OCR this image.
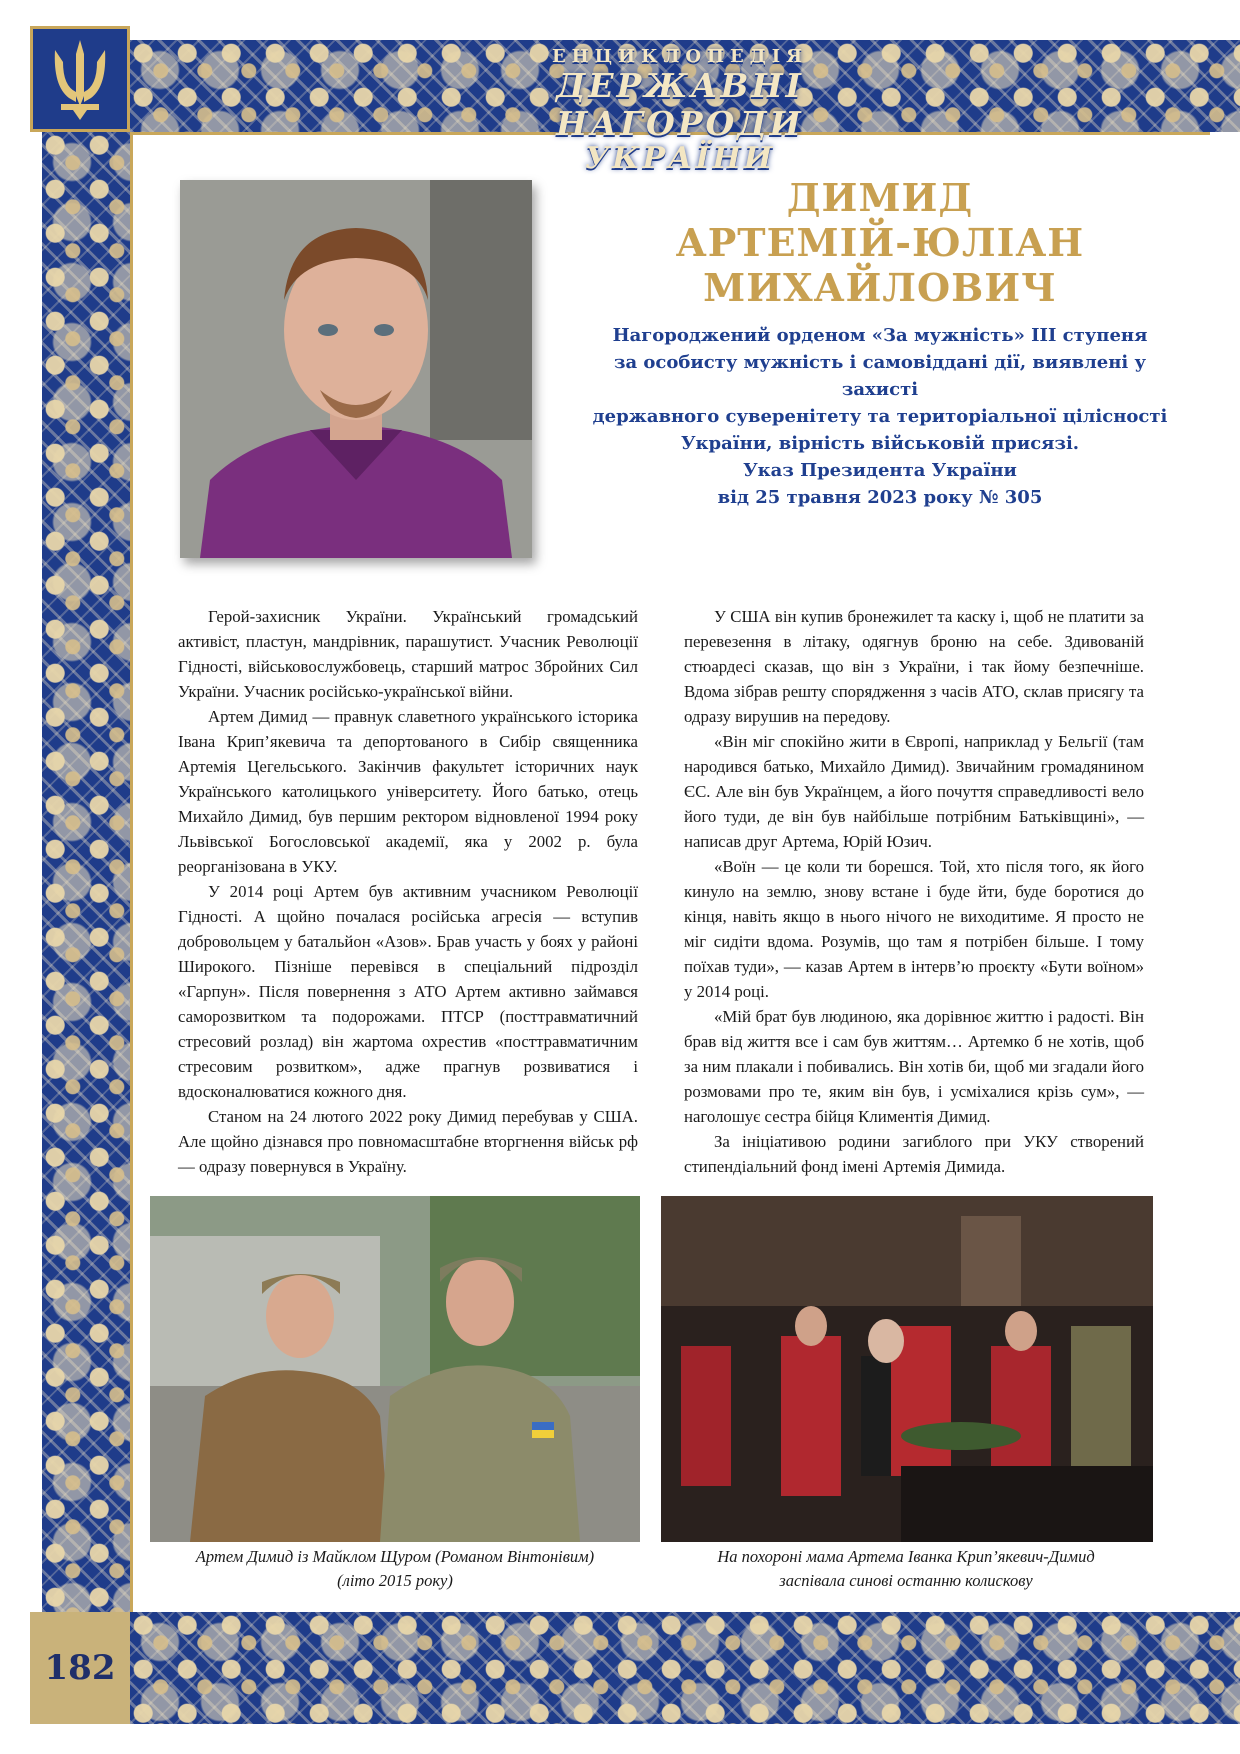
ЕНЦИКЛОПЕДІЯ
ДЕРЖАВНІ НАГОРОДИ
УКРАЇНИ
182
ДИМИД
АРТЕМІЙ-ЮЛІАН
МИХАЙЛОВИЧ
Нагороджений орденом «За мужність» ІІІ ступеня
за особисту мужність і самовіддані дії, виявлені у захисті
державного суверенітету та територіальної цілісності
України, вірність військовій присязі.
Указ Президента України
від 25 травня 2023 року № 305

Герой-захисник України. Український громадський активіст, пластун, мандрівник, парашутист. Учасник Революції Гідності, військовослужбовець, старший матрос Збройних Сил України. Учасник російсько-української війни.

Артем Димид — правнук славетного українського історика Івана Крип’якевича та депортованого в Сибір священника Артемія Цегельського. Закінчив факультет історичних наук Українського католицького університету. Його батько, отець Михайло Димид, був першим ректором відновленої 1994 року Львівської Богословської академії, яка у 2002 р. була реорганізована в УКУ.

У 2014 році Артем був активним учасником Революції Гідності. А щойно почалася російська агресія — вступив добровольцем у батальйон «Азов». Брав участь у боях у районі Широкого. Пізніше перевівся в спеціальний підрозділ «Гарпун». Після повернення з АТО Артем активно займався саморозвитком та подорожами. ПТСР (посттравматичний стресовий розлад) він жартома охрестив «посттравматичним стресовим розвитком», адже прагнув розвиватися і вдосконалюватися кожного дня.

Станом на 24 лютого 2022 року Димид перебував у США. Але щойно дізнався про повномасштабне вторгнення військ рф — одразу повернувся в Україну.

У США він купив бронежилет та каску і, щоб не платити за перевезення в літаку, одягнув броню на себе. Здивованій стюардесі сказав, що він з України, і так йому безпечніше. Вдома зібрав решту спорядження з часів АТО, склав присягу та одразу вирушив на передову.

«Він міг спокійно жити в Європі, наприклад у Бельгії (там народився батько, Михайло Димид). Звичайним громадянином ЄС. Але він був Українцем, а його почуття справедливості вело його туди, де він був найбільше потрібним Батьківщині», — написав друг Артема, Юрій Юзич.

«Воїн — це коли ти борешся. Той, хто після того, як його кинуло на землю, знову встане і буде йти, буде боротися до кінця, навіть якщо в нього нічого не виходитиме. Я просто не міг сидіти вдома. Розумів, що там я потрібен більше. І тому поїхав туди», — казав Артем в інтерв’ю проєкту «Бути воїном» у 2014 році.

«Мій брат був людиною, яка дорівнює життю і радості. Він брав від життя все і сам був життям… Артемко б не хотів, щоб за ним плакали і побивались. Він хотів би, щоб ми згадали його розмовами про те, яким він був, і усміхалися крізь сум», — наголошує сестра бійця Климентія Димид.

За ініціативою родини загиблого при УКУ створений стипендіальний фонд імені Артемія Димида.

Артем Димид із Майклом Щуром (Романом Вінтонівим)
(літо 2015 року)
На похороні мама Артема Іванка Крип’якевич-Димид
заспівала синові останню колискову
